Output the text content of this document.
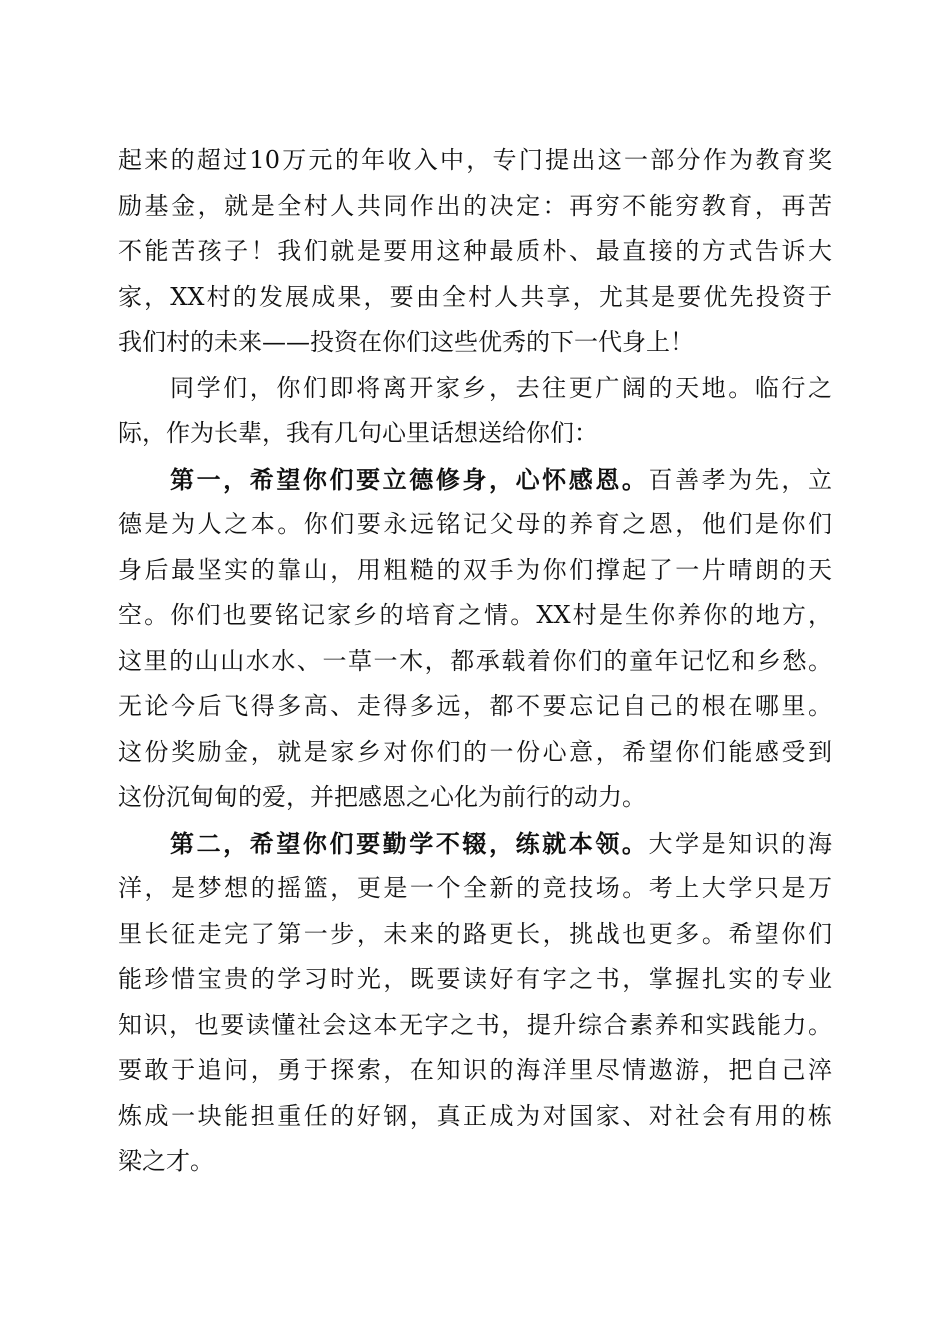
起来的超过10万元的年收入中，专门提出这一部分作为教育奖
励基金，就是全村人共同作出的决定：再穷不能穷教育，再苦
不能苦孩子！我们就是要用这种最质朴、最直接的方式告诉大
家，XX村的发展成果，要由全村人共享，尤其是要优先投资于
我们村的未来——投资在你们这些优秀的下一代身上！
同学们，你们即将离开家乡，去往更广阔的天地。临行之
际，作为长辈，我有几句心里话想送给你们：
第一，希望你们要立德修身，心怀感恩。百善孝为先，立
德是为人之本。你们要永远铭记父母的养育之恩，他们是你们
身后最坚实的靠山，用粗糙的双手为你们撑起了一片晴朗的天
空。你们也要铭记家乡的培育之情。XX村是生你养你的地方，
这里的山山水水、一草一木，都承载着你们的童年记忆和乡愁。
无论今后飞得多高、走得多远，都不要忘记自己的根在哪里。
这份奖励金，就是家乡对你们的一份心意，希望你们能感受到
这份沉甸甸的爱，并把感恩之心化为前行的动力。
第二，希望你们要勤学不辍，练就本领。大学是知识的海
洋，是梦想的摇篮，更是一个全新的竞技场。考上大学只是万
里长征走完了第一步，未来的路更长，挑战也更多。希望你们
能珍惜宝贵的学习时光，既要读好有字之书，掌握扎实的专业
知识，也要读懂社会这本无字之书，提升综合素养和实践能力。
要敢于追问，勇于探索，在知识的海洋里尽情遨游，把自己淬
炼成一块能担重任的好钢，真正成为对国家、对社会有用的栋
梁之才。
